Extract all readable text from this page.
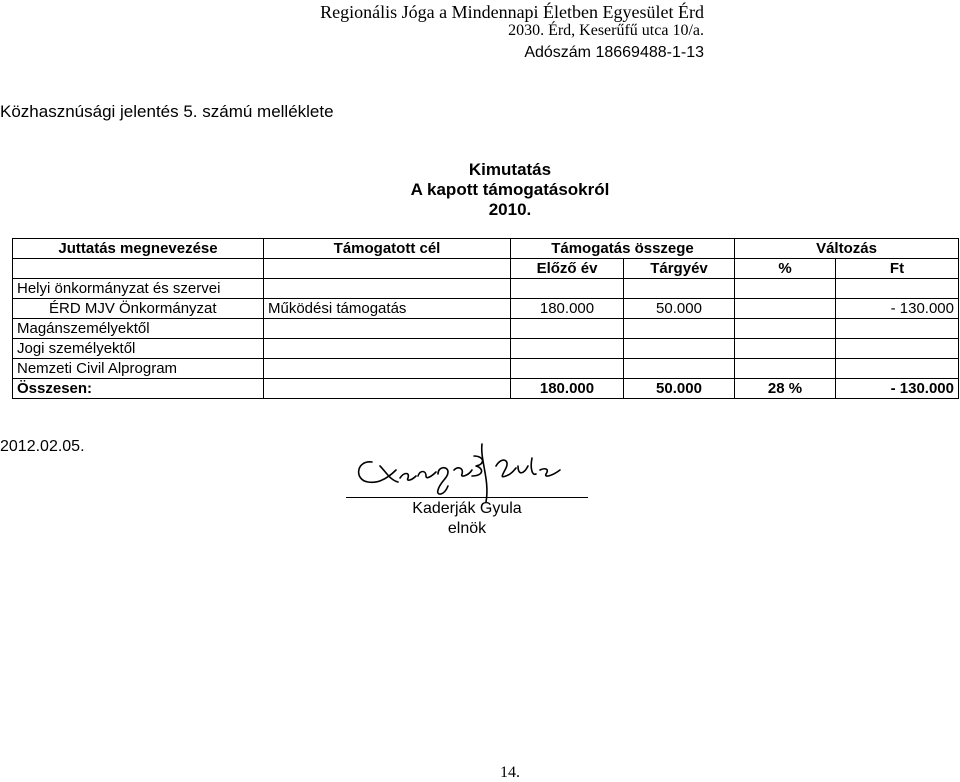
Regionális Jóga a Mindennapi Életben Egyesület Érd
2030. Érd, Keserűfű utca 10/a.
Adószám 18669488-1-13
Közhasznúsági jelentés 5. számú melléklete
Kimutatás
A kapott támogatásokról
2010.
Juttatás megnevezése	Támogatott cél	Támogatás összege	Változás
		Előző év	Tárgyév	%	Ft
Helyi önkormányzat és szervei					
ÉRD MJV Önkormányzat	Működési támogatás	180.000	50.000		- 130.000
Magánszemélyektől					
Jogi személyektől					
Nemzeti Civil Alprogram					
Összesen:		180.000	50.000	28 %	- 130.000
2012.02.05.
Kaderják Gyula
elnök
14.
